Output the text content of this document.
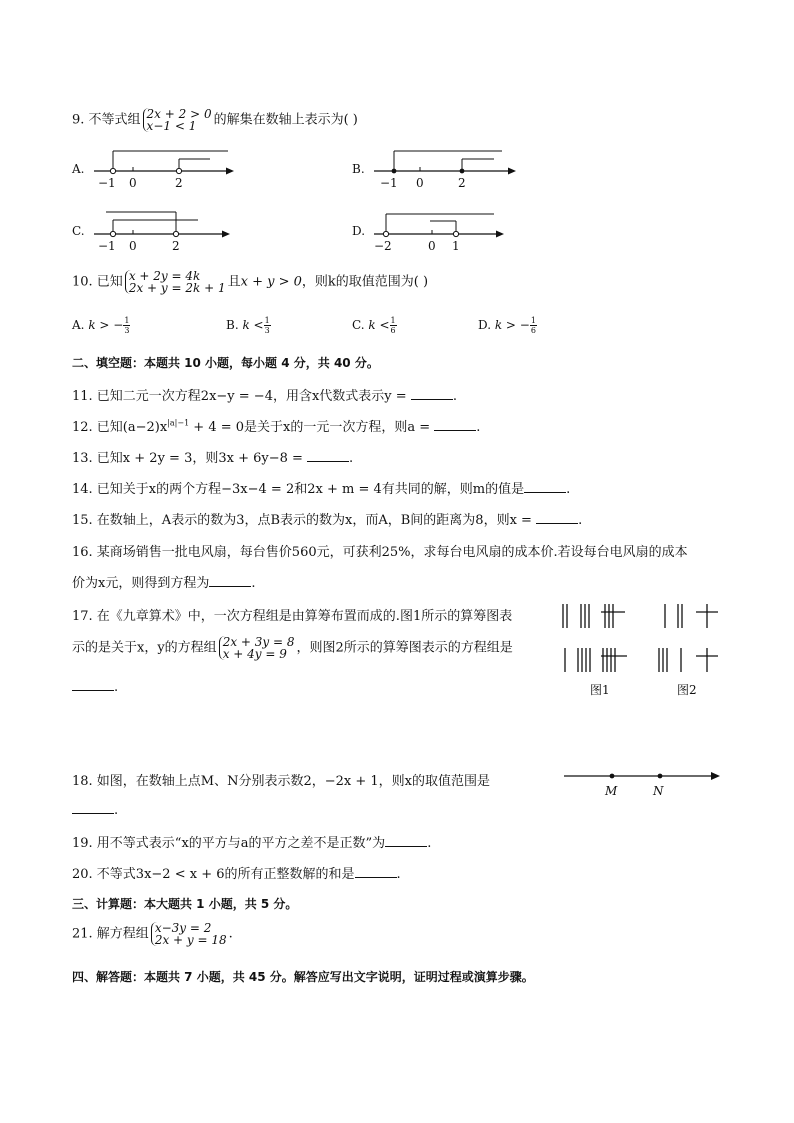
9. 不等式组 2x + 2 > 0
x−1 < 1	的解集在数轴上表示为( )
A.
−1 0	2
B.
−1 0	2
C.
−1 0	2
D.
−2	0 1
10. 已知 x + 2y = 4k
2x + y = 2k + 1 且x + y > 0，则k的取值范围为( )
A. k > − $\frac{1}{3}$	B. $k < \frac{1}{3}$	C. $k < \frac{1}{6}$	D. k > − $\frac{1}{6}$
二、填空题：本题共 10 小题，每小题 4 分，共 40 分。
11. 已知二元一次方程2x−y = −4，用含x代数式表示y =	.
12. 已知$(a-2)x^{|a|-1} + 4 = 0$是关于x的一元一次方程，则a =	.
13. 已知x + 2y = 3，则3x + 6y−8 =	.
14. 已知关于x的两个方程−3x−4 = 2和2x + m = 4有共同的解，则m的值是	.
15. 在数轴上，A表示的数为3，点B表示的数为x，而A，B间的距离为8，则x =	.
16. 某商场销售一批电风扇，每台售价560元，可获利25%，求每台电风扇的成本价.若设每台电风扇的成本
价为x元，则得到方程为	.
17. 在《九章算术》中，一次方程组是由算筹布置而成的.图1所示的算筹图表
示的是关于x，y的方程组 2x + 3y = 8
x + 4y = 9 ，则图2所示的算筹图表示的方程组是
.	图1	图2
18. 如图，在数轴上点M、N分别表示数2，−2x + 1，则x的取值范围是
.
M	N
19. 用不等式表示“x的平方与a的平方之差不是正数”为	.
20. 不等式3x−2 < x + 6的所有正整数解的和是	.
三、计算题：本大题共 1 小题，共 5 分。
21. 解方程组 x−3y = 2
2x + y = 18 .
四、解答题：本题共 7 小题，共 45 分。解答应写出文字说明，证明过程或演算步骤。
